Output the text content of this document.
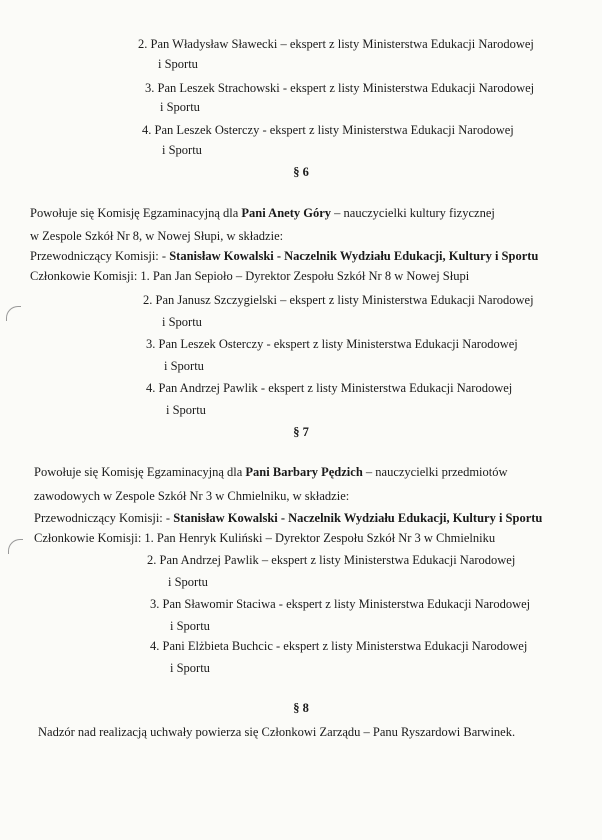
2. Pan Władysław Sławecki – ekspert z listy Ministerstwa Edukacji Narodowej
i Sportu
3. Pan Leszek Strachowski - ekspert z listy Ministerstwa Edukacji Narodowej
i Sportu
4. Pan Leszek Osterczy - ekspert z listy Ministerstwa Edukacji Narodowej
i Sportu
§ 6
Powołuje się Komisję Egzaminacyjną dla Pani Anety Góry – nauczycielki kultury fizycznej
w Zespole Szkół Nr 8, w Nowej Słupi, w składzie:
Przewodniczący Komisji: - Stanisław Kowalski - Naczelnik Wydziału Edukacji, Kultury i Sportu
Członkowie Komisji: 1. Pan Jan Sepioło – Dyrektor Zespołu Szkół Nr 8 w Nowej Słupi
2. Pan Janusz Szczygielski – ekspert z listy Ministerstwa Edukacji Narodowej
i Sportu
3. Pan Leszek Osterczy - ekspert z listy Ministerstwa Edukacji Narodowej
i Sportu
4. Pan Andrzej Pawlik - ekspert z listy Ministerstwa Edukacji Narodowej
i Sportu
§ 7
Powołuje się Komisję Egzaminacyjną dla Pani Barbary Pędzich – nauczycielki przedmiotów
zawodowych w Zespole Szkół Nr 3 w Chmielniku, w składzie:
Przewodniczący Komisji: - Stanisław Kowalski - Naczelnik Wydziału Edukacji, Kultury i Sportu
Członkowie Komisji: 1. Pan Henryk Kuliński – Dyrektor Zespołu Szkół Nr 3 w Chmielniku
2. Pan Andrzej Pawlik – ekspert z listy Ministerstwa Edukacji Narodowej
i Sportu
3. Pan Sławomir Staciwa - ekspert z listy Ministerstwa Edukacji Narodowej
i Sportu
4. Pani Elżbieta Buchcic - ekspert z listy Ministerstwa Edukacji Narodowej
i Sportu
§ 8
Nadzór nad realizacją uchwały powierza się Członkowi Zarządu – Panu Ryszardowi Barwinek.
